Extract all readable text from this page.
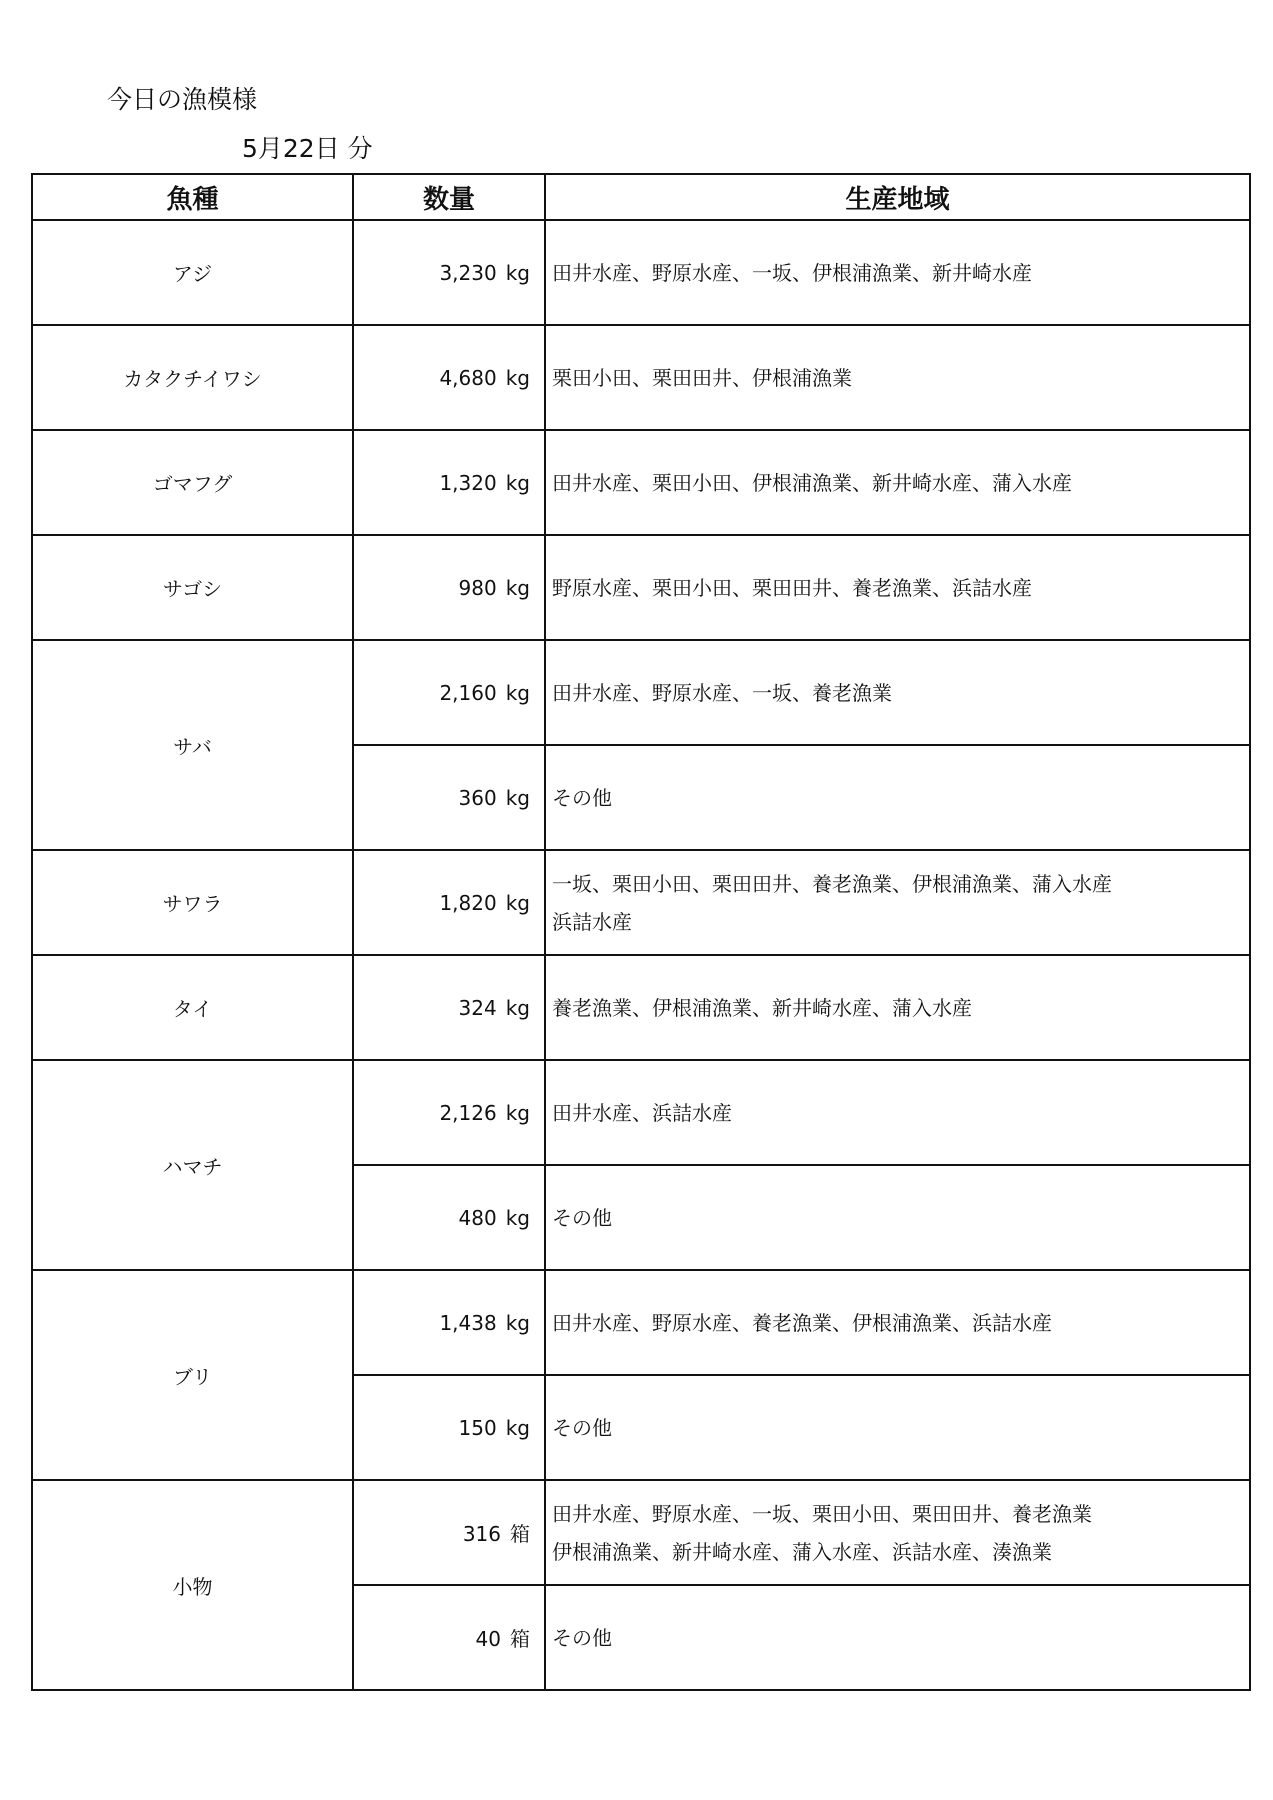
今日の漁模様
5月22日 分
魚種	数量	生産地域
アジ	3,230 kg	田井水産、野原水産、一坂、伊根浦漁業、新井崎水産

カタクチイワシ	4,680 kg	栗田小田、栗田田井、伊根浦漁業

ゴマフグ	1,320 kg	田井水産、栗田小田、伊根浦漁業、新井崎水産、蒲入水産

サゴシ	980 kg	野原水産、栗田小田、栗田田井、養老漁業、浜詰水産

サバ	2,160 kg	田井水産、野原水産、一坂、養老漁業

	360 kg	その他

サワラ	1,820 kg	一坂、栗田小田、栗田田井、養老漁業、伊根浦漁業、蒲入水産
浜詰水産

タイ	324 kg	養老漁業、伊根浦漁業、新井崎水産、蒲入水産

ハマチ	2,126 kg	田井水産、浜詰水産

	480 kg	その他

ブリ	1,438 kg	田井水産、野原水産、養老漁業、伊根浦漁業、浜詰水産

	150 kg	その他

小物	316 箱	田井水産、野原水産、一坂、栗田小田、栗田田井、養老漁業
伊根浦漁業、新井崎水産、蒲入水産、浜詰水産、湊漁業

	40 箱	その他
